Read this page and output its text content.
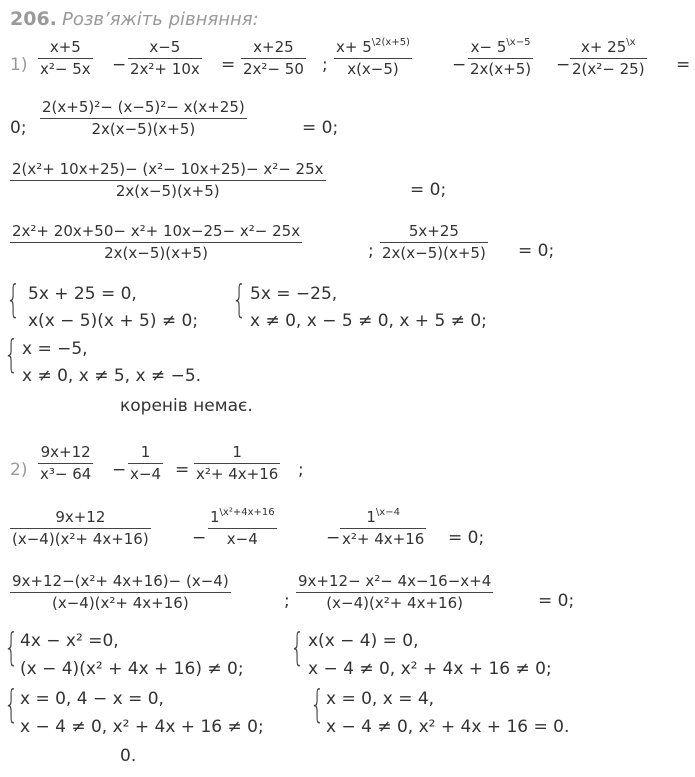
206. Розв’яжіть рівняння:
1)
x+5
x²− 5x −
x−5
2x²+ 10x =
x+25
2x²− 50 ;
$x+ 5^{\backslash 2(x+5)}$
x(x−5)	−
$x- 5^{\backslash x-5}$
2x(x+5) −
$x+ 25^{\backslash x}$
2(x²− 25) =
0;
2(x+5)²− (x−5)²− x(x+25)
2x(x−5)(x+5)	= 0;
2(x²+ 10x+25)− (x²− 10x+25)− x²− 25x
2x(x−5)(x+5)	= 0;
2x²+ 20x+50− x²+ 10x−25− x²− 25x
2x(x−5)(x+5)	;
5x+25
2x(x−5)(x+5) = 0;
{ 5x + 25 = 0,
x(x − 5)(x + 5) ≠ 0; { 5x = −25,
x ≠ 0, x − 5 ≠ 0, x + 5 ≠ 0;
{ x = −5,
x ≠ 0, x ≠ 5, x ≠ −5.
коренів немає.
2)
9x+12
x³− 64 −
1
x−4 =
1
x²+ 4x+16 ;
9x+12
(x−4)(x²+ 4x+16)	−
$1^{\backslash x^2+4x+16}$
x−4	−
$1^{\backslash x-4}$
x²+ 4x+16 = 0;
9x+12−(x²+ 4x+16)− (x−4)
(x−4)(x²+ 4x+16)	;
9x+12− x²− 4x−16−x+4
(x−4)(x²+ 4x+16)	= 0;
{ 4x − x² =0,
(x − 4)(x² + 4x + 16) ≠ 0; { x(x − 4) = 0,
x − 4 ≠ 0, x² + 4x + 16 ≠ 0;
{ x = 0, 4 − x = 0,
x − 4 ≠ 0, x² + 4x + 16 ≠ 0;
{ x = 0, x = 4,
x − 4 ≠ 0, x² + 4x + 16 = 0.
0.
